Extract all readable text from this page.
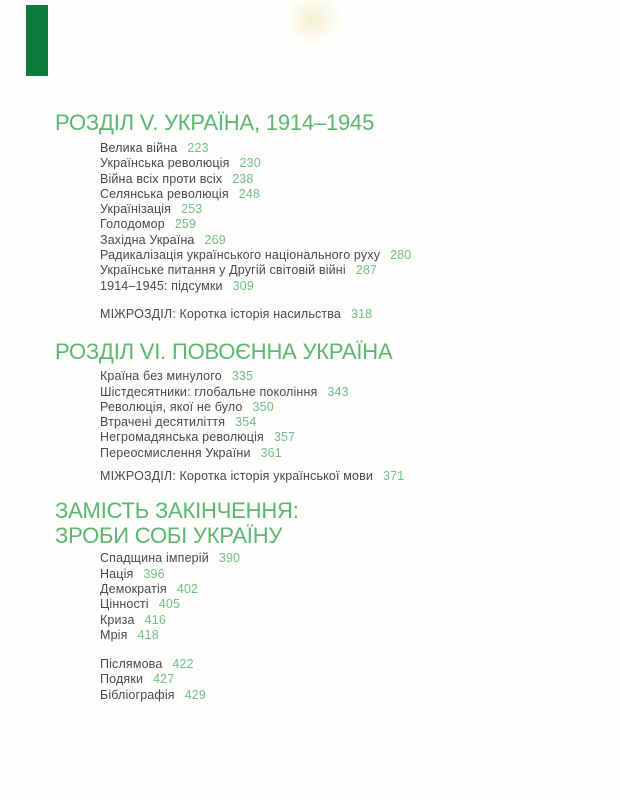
РОЗДІЛ V. УКРАЇНА, 1914–1945
Велика війна 223
Українська революція 230
Війна всіх проти всіх 238
Селянська революція 248
Українізація 253
Голодомор 259
Західна Україна 269
Радикалізація українського національного руху 280
Українське питання у Другій світовій війні 287
1914–1945: підсумки 309
МІЖРОЗДІЛ: Коротка історія насильства 318
РОЗДІЛ VI. ПОВОЄННА УКРАЇНА
Країна без минулого 335
Шістдесятники: глобальне покоління 343
Революція, якої не було 350
Втрачені десятиліття 354
Негромадянська революція 357
Переосмислення України 361
МІЖРОЗДІЛ: Коротка історія української мови 371
ЗАМІСТЬ ЗАКІНЧЕННЯ:
ЗРОБИ СОБІ УКРАЇНУ
Спадщина імперій 390
Нація 396
Демократія 402
Цінності 405
Криза 416
Мрія 418
Післямова 422
Подяки 427
Бібліографія 429
